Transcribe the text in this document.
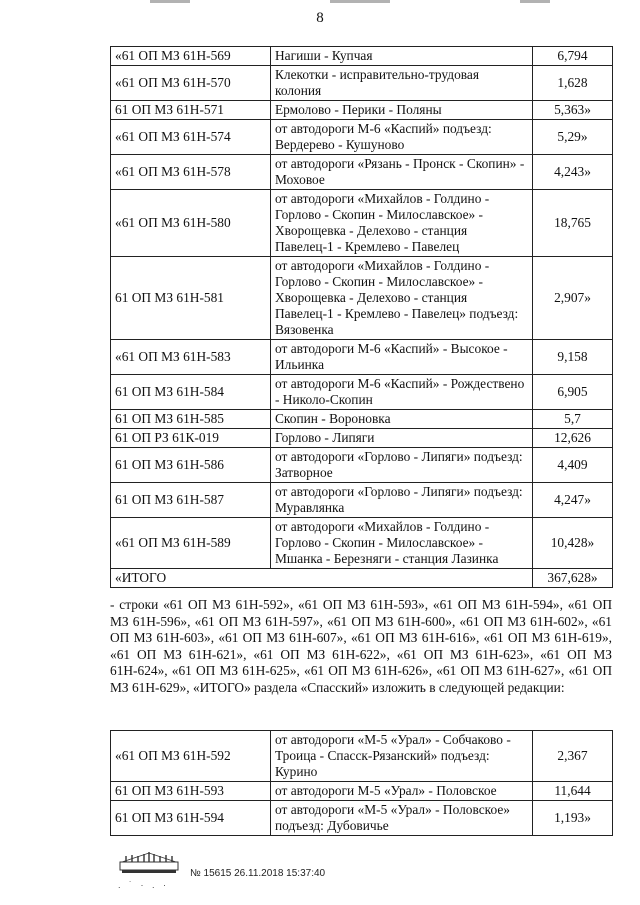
8
«61 ОП МЗ 61Н-569	Нагиши - Купчая	6,794
«61 ОП МЗ 61Н-570	Клекотки - исправительно-трудовая колония	1,628
61 ОП МЗ 61Н-571	Ермолово - Перики - Поляны	5,363»
«61 ОП МЗ 61Н-574	от автодороги М-6 «Каспий» подъезд: Вердерево - Кушуново	5,29»
«61 ОП МЗ 61Н-578	от автодороги «Рязань - Пронск - Скопин» - Моховое	4,243»
«61 ОП МЗ 61Н-580	от автодороги «Михайлов - Голдино - Горлово - Скопин - Милославское» - Хворощевка - Делехово - станция Павелец-1 - Кремлево - Павелец	18,765
61 ОП МЗ 61Н-581	от автодороги «Михайлов - Голдино - Горлово - Скопин - Милославское» - Хворощевка - Делехово - станция Павелец-1 - Кремлево - Павелец» подъезд: Вязовенка	2,907»
«61 ОП МЗ 61Н-583	от автодороги М-6 «Каспий» - Высокое - Ильинка	9,158
61 ОП МЗ 61Н-584	от автодороги М-6 «Каспий» - Рождествено - Николо-Скопин	6,905
61 ОП МЗ 61Н-585	Скопин - Вороновка	5,7
61 ОП РЗ 61К-019	Горлово - Липяги	12,626
61 ОП МЗ 61Н-586	от автодороги «Горлово - Липяги» подъезд: Затворное	4,409
61 ОП МЗ 61Н-587	от автодороги «Горлово - Липяги» подъезд: Муравлянка	4,247»
«61 ОП МЗ 61Н-589	от автодороги «Михайлов - Голдино - Горлово - Скопин - Милославское» - Мшанка - Березняги - станция Лазинка	10,428»
«ИТОГО		367,628»
- строки «61 ОП МЗ 61Н-592», «61 ОП МЗ 61Н-593», «61 ОП МЗ 61Н-594», «61 ОП МЗ 61Н-596», «61 ОП МЗ 61Н-597», «61 ОП МЗ 61Н-600», «61 ОП МЗ 61Н-602», «61 ОП МЗ 61Н-603», «61 ОП МЗ 61Н-607», «61 ОП МЗ 61Н-616», «61 ОП МЗ 61Н-619», «61 ОП МЗ 61Н-621», «61 ОП МЗ 61Н-622», «61 ОП МЗ 61Н-623», «61 ОП МЗ 61Н-624», «61 ОП МЗ 61Н-625», «61 ОП МЗ 61Н-626», «61 ОП МЗ 61Н-627», «61 ОП МЗ 61Н-629», «ИТОГО» раздела «Спасский» изложить в следующей редакции:
«61 ОП МЗ 61Н-592	от автодороги «М-5 «Урал» - Собчаково - Троица - Спасск-Рязанский» подъезд: Курино	2,367
61 ОП МЗ 61Н-593	от автодороги М-5 «Урал» - Половское	11,644
61 ОП МЗ 61Н-594	от автодороги «М-5 «Урал» - Половское» подъезд: Дубовичье	1,193»
№ 15615 26.11.2018 15:37:40
. ˙ · . ·
